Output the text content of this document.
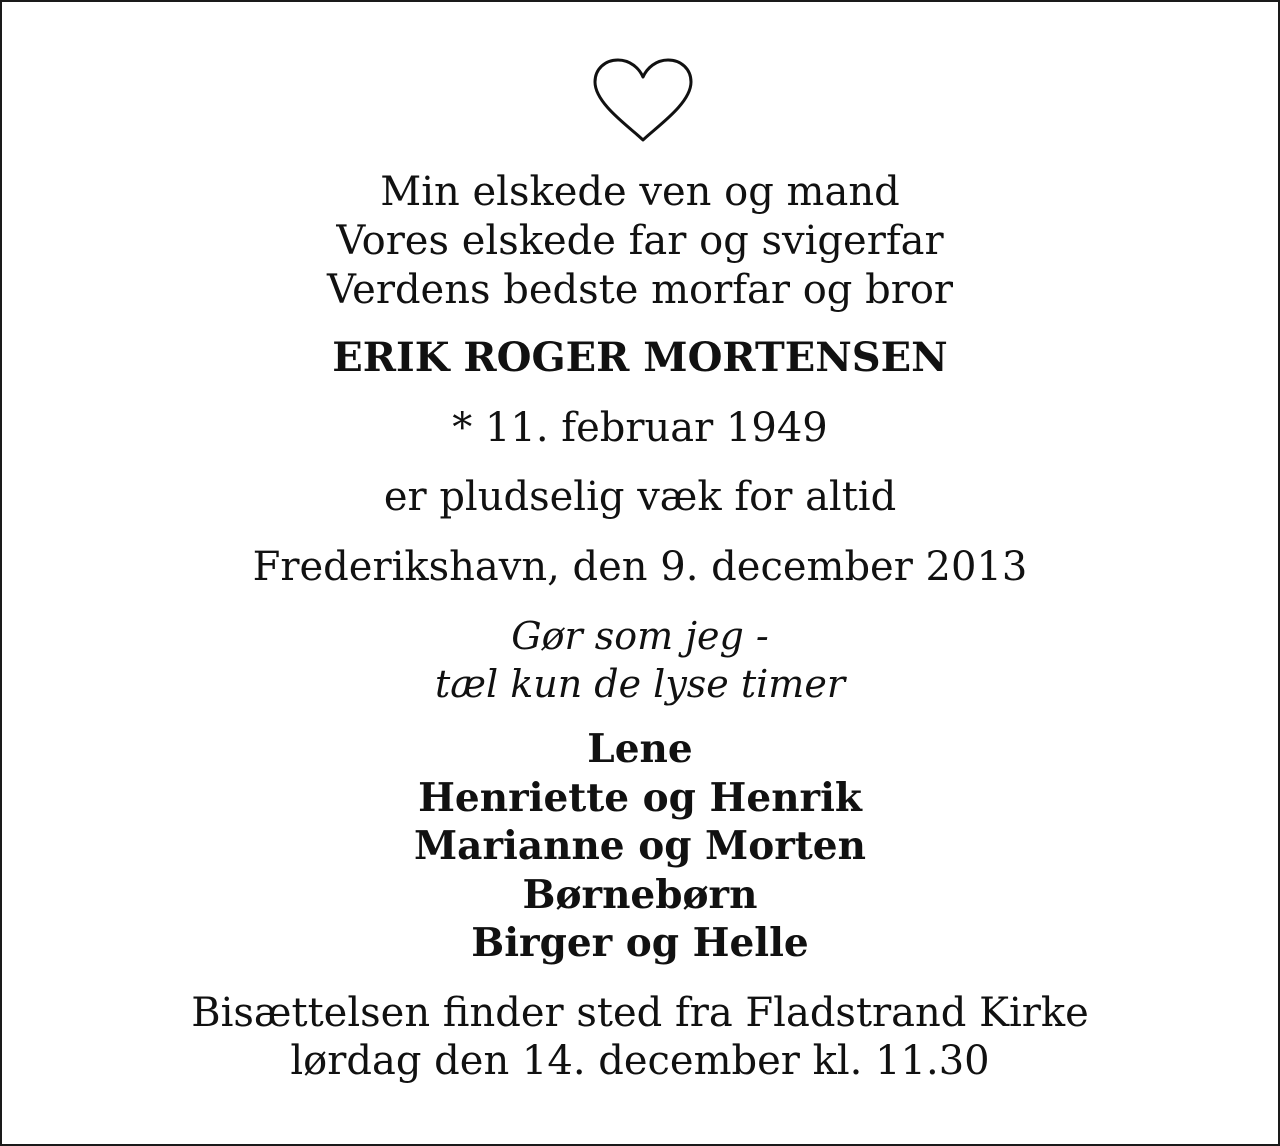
Min elskede ven og mand
Vores elskede far og svigerfar
Verdens bedste morfar og bror
ERIK ROGER MORTENSEN
* 11. februar 1949
er pludselig væk for altid
Frederikshavn, den 9. december 2013
Gør som jeg -
tæl kun de lyse timer
Lene
Henriette og Henrik
Marianne og Morten
Børnebørn
Birger og Helle
Bisættelsen finder sted fra Fladstrand Kirke
lørdag den 14. december kl. 11.30
